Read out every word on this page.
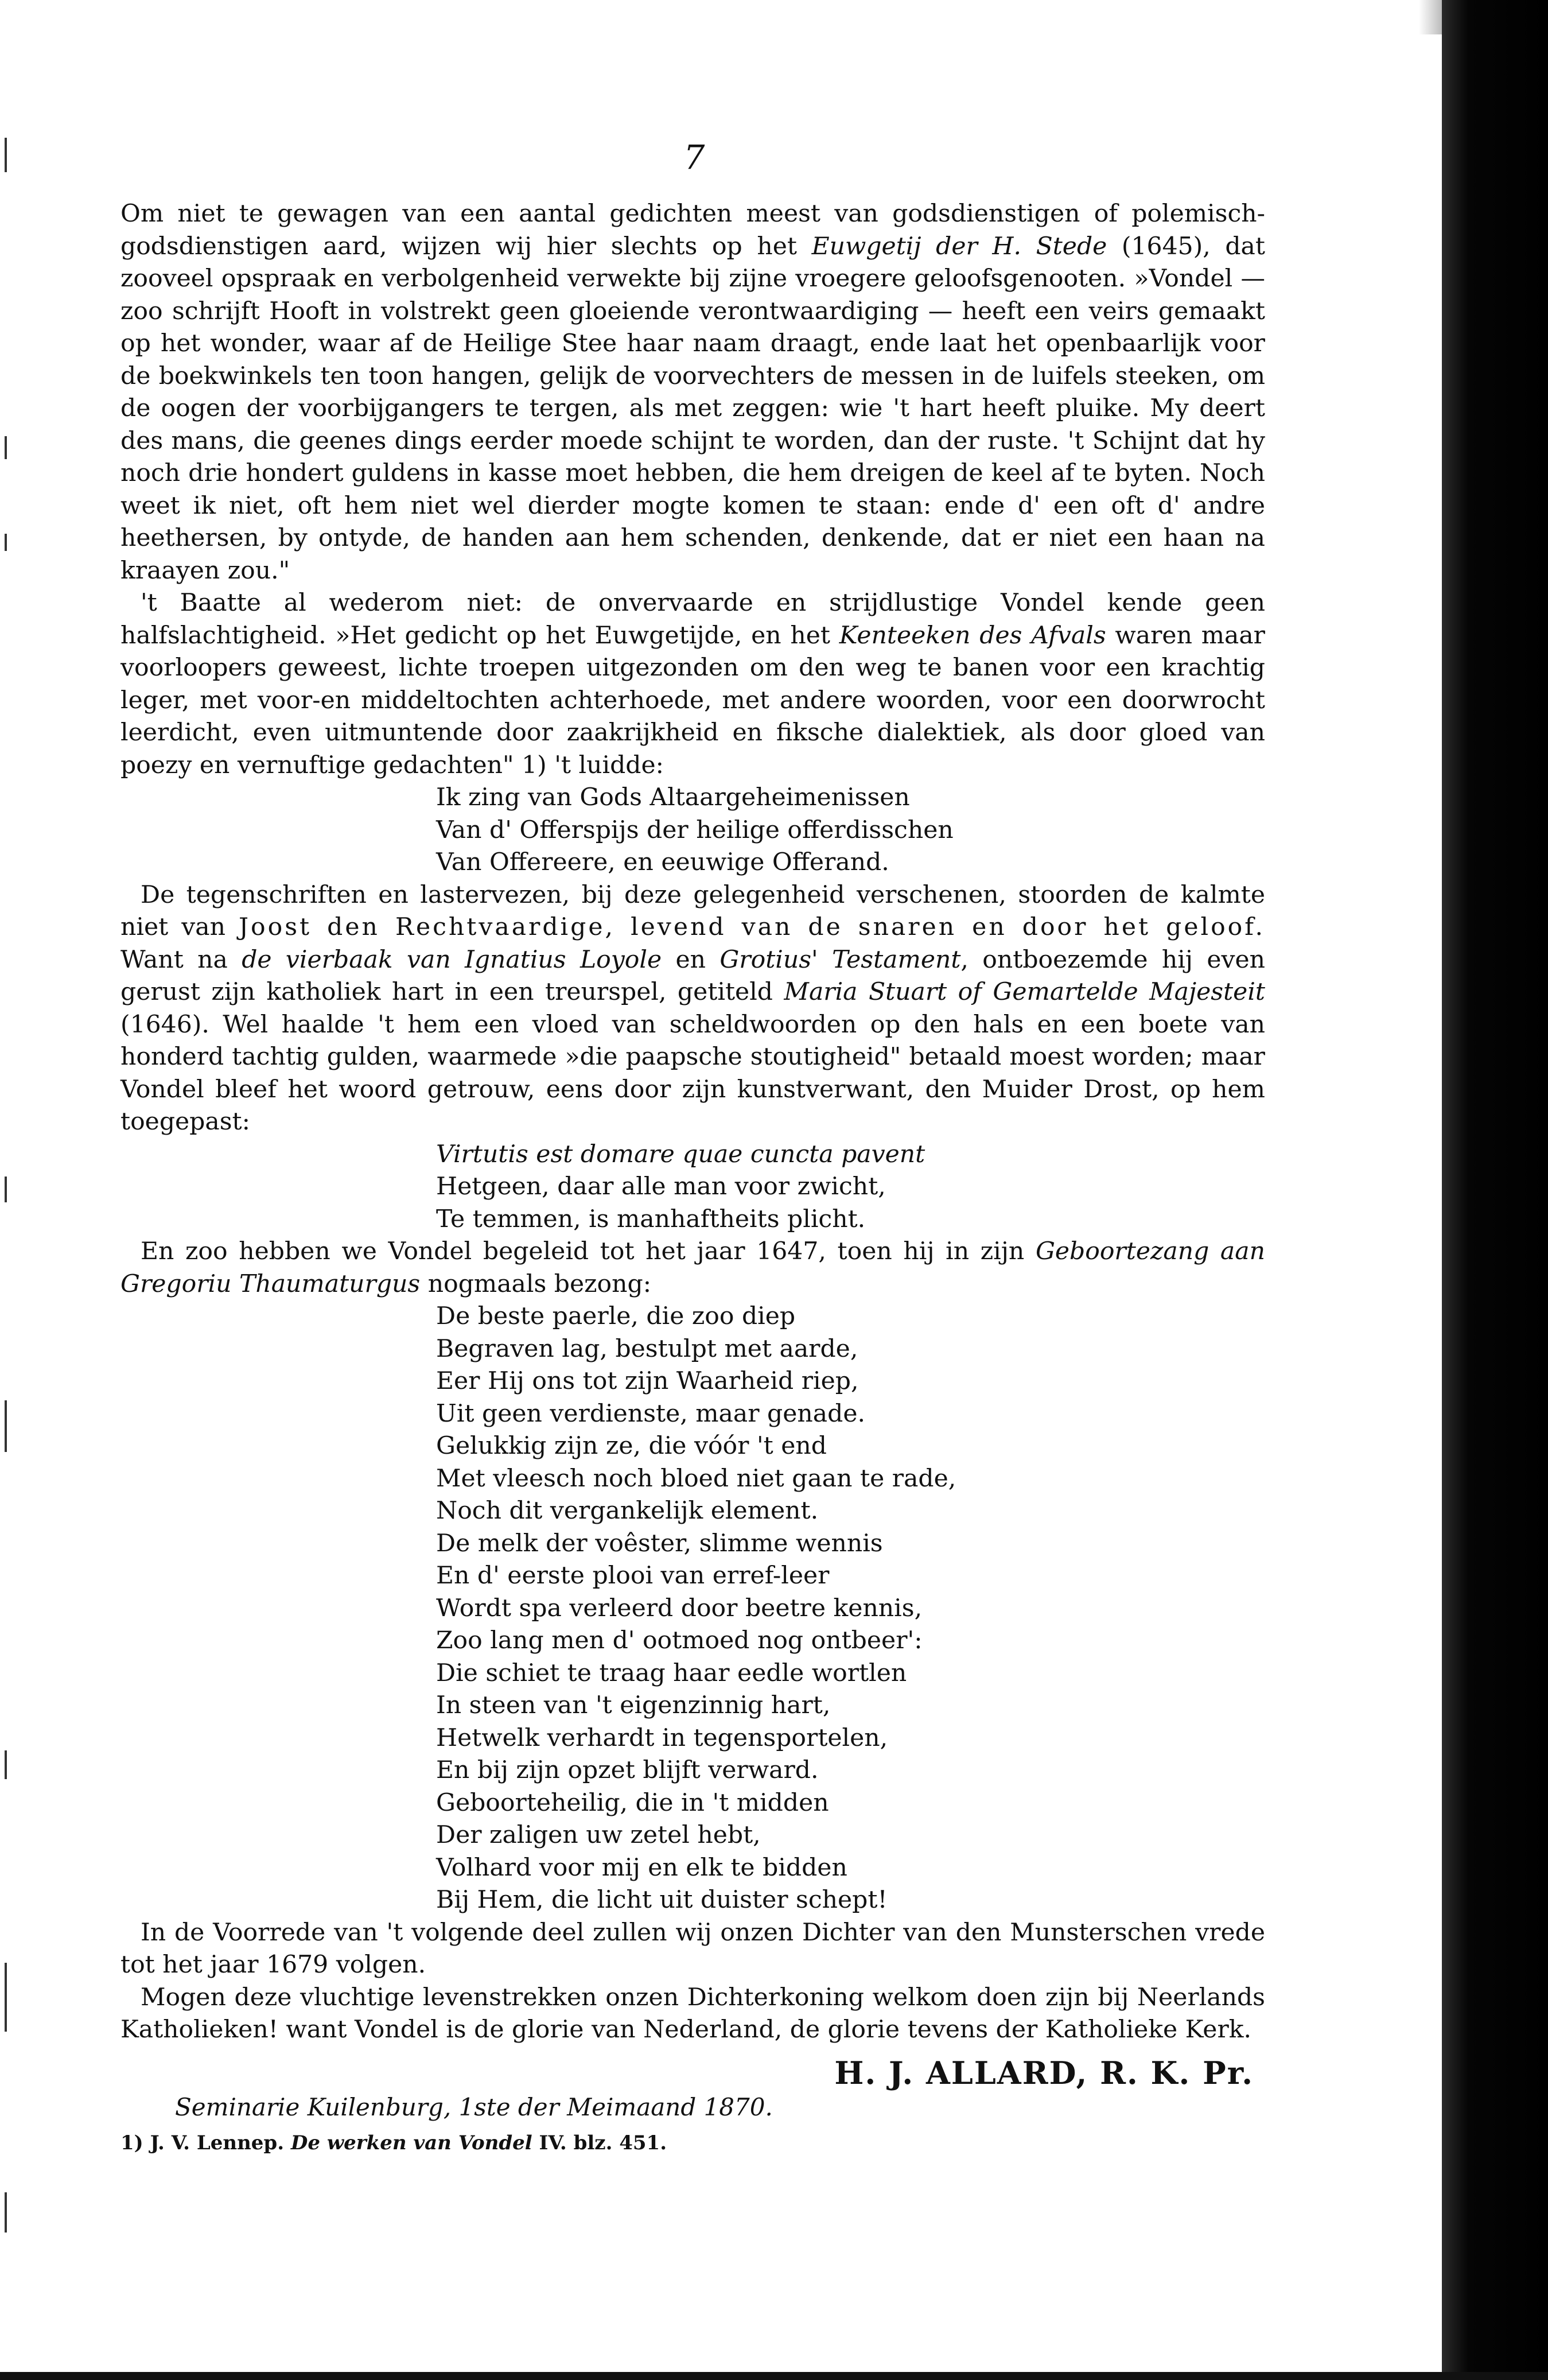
7

Om niet te gewagen van een aantal gedichten meest van godsdienstigen of polemisch-godsdienstigen aard, wijzen wij hier slechts op het Euwgetij der H. Stede (1645), dat zooveel opspraak en verbolgenheid verwekte bij zijne vroegere geloofsgenooten. »Vondel — zoo schrijft Hooft in volstrekt geen gloeiende verontwaardiging — heeft een veirs gemaakt op het wonder, waar af de Heilige Stee haar naam draagt, ende laat het openbaarlijk voor de boekwinkels ten toon hangen, gelijk de voorvechters de messen in de luifels steeken, om de oogen der voorbijgangers te tergen, als met zeggen: wie 't hart heeft pluike. My deert des mans, die geenes dings eerder moede schijnt te worden, dan der ruste. 't Schijnt dat hy noch drie hondert guldens in kasse moet hebben, die hem dreigen de keel af te byten. Noch weet ik niet, oft hem niet wel dierder mogte komen te staan: ende d' een oft d' andre heethersen, by ontyde, de handen aan hem schenden, denkende, dat er niet een haan na kraayen zou."

't Baatte al wederom niet: de onvervaarde en strijdlustige Vondel kende geen halfslachtigheid. »Het gedicht op het Euwgetijde, en het Kenteeken des Afvals waren maar voorloopers geweest, lichte troepen uitgezonden om den weg te banen voor een krachtig leger, met voor-en middeltochten achterhoede, met andere woorden, voor een doorwrocht leerdicht, even uitmuntende door zaakrijkheid en fiksche dialektiek, als door gloed van poezy en vernuftige gedachten" 1) 't luidde:

Ik zing van Gods Altaargeheimenissen
Van d' Offerspijs der heilige offerdisschen
Van Offereere, en eeuwige Offerand.

De tegenschriften en lastervezen, bij deze gelegenheid verschenen, stoorden de kalmte niet van Joost den Rechtvaardige, levend van de snaren en door het geloof. Want na de vierbaak van Ignatius Loyole en Grotius' Testament, ontboezemde hij even gerust zijn katholiek hart in een treurspel, getiteld Maria Stuart of Gemartelde Majesteit (1646). Wel haalde 't hem een vloed van scheldwoorden op den hals en een boete van honderd tachtig gulden, waarmede »die paapsche stoutigheid" betaald moest worden; maar Vondel bleef het woord getrouw, eens door zijn kunstverwant, den Muider Drost, op hem toegepast:

Virtutis est domare quae cuncta pavent
Hetgeen, daar alle man voor zwicht,
Te temmen, is manhaftheits plicht.

En zoo hebben we Vondel begeleid tot het jaar 1647, toen hij in zijn Geboortezang aan Gregoriu Thaumaturgus nogmaals bezong:

De beste paerle, die zoo diep
Begraven lag, bestulpt met aarde,
Eer Hij ons tot zijn Waarheid riep,
Uit geen verdienste, maar genade.
Gelukkig zijn ze, die vóór 't end
Met vleesch noch bloed niet gaan te rade,
Noch dit vergankelijk element.
De melk der voêster, slimme wennis
En d' eerste plooi van erref-leer
Wordt spa verleerd door beetre kennis,
Zoo lang men d' ootmoed nog ontbeer':
Die schiet te traag haar eedle wortlen
In steen van 't eigenzinnig hart,
Hetwelk verhardt in tegensportelen,
En bij zijn opzet blijft verward.
Geboorteheilig, die in 't midden
Der zaligen uw zetel hebt,
Volhard voor mij en elk te bidden
Bij Hem, die licht uit duister schept!

In de Voorrede van 't volgende deel zullen wij onzen Dichter van den Munsterschen vrede tot het jaar 1679 volgen.

Mogen deze vluchtige levenstrekken onzen Dichterkoning welkom doen zijn bij Neerlands Katholieken! want Vondel is de glorie van Nederland, de glorie tevens der Katholieke Kerk.

H. J. ALLARD, R. K. Pr.
Seminarie Kuilenburg, 1ste der Meimaand 1870.
1) J. V. Lennep. De werken van Vondel IV. blz. 451.
